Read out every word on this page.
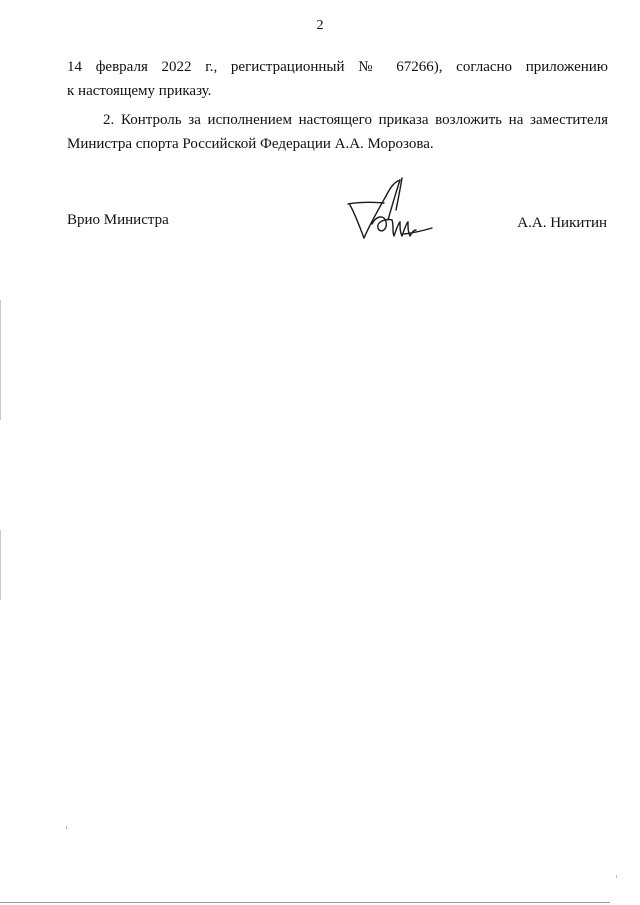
2
14 февраля 2022 г., регистрационный № 67266), согласно приложению
к настоящему приказу.
2. Контроль за исполнением настоящего приказа возложить на заместителя
Министра спорта Российской Федерации А.А. Морозова.
Врио Министра	А.А. Никитин
